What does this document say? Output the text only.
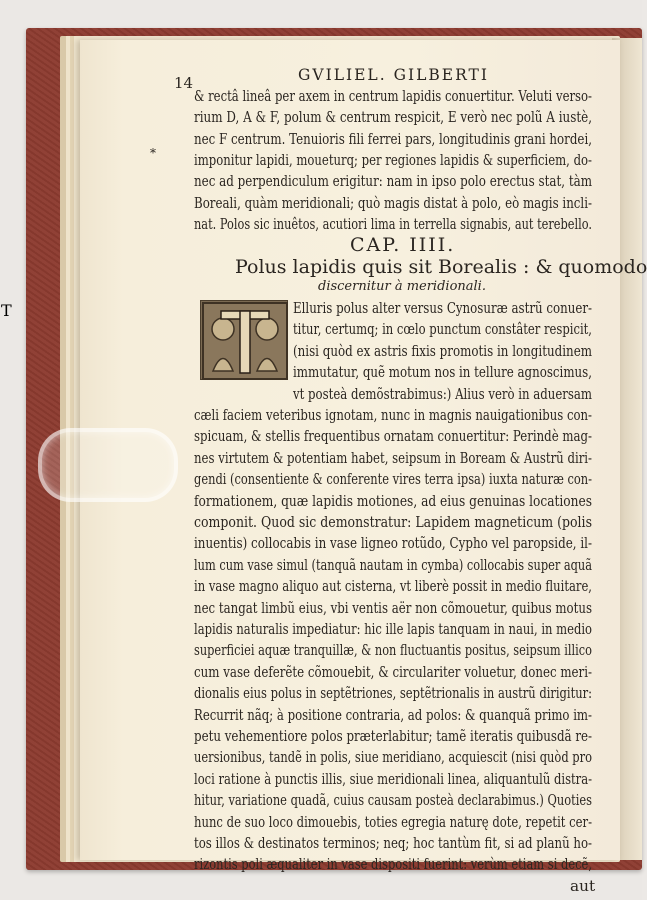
14	GVILIEL. GILBERTI
*
& rectâ lineâ per axem in centrum lapidis conuertitur. Veluti verso-
rium D, A & F, polum & centrum respicit, E verò nec polũ A iustè,
nec F centrum. Tenuioris fili ferrei pars, longitudinis grani hordei,
imponitur lapidi, moueturq; per regiones lapidis & superficiem, do-
nec ad perpendiculum erigitur: nam in ipso polo erectus stat, tàm
Boreali, quàm meridionali; quò magis distat à polo, eò magis incli-
nat. Polos sic inuêtos, acutiori lima in terrella signabis, aut terebello.
CAP. IIII.
Polus lapidis quis sit Borealis : & quomodo
discernitur à meridionali.
T	Elluris polus alter versus Cynosuræ astrũ conuer-
titur, certumq; in cœlo punctum constâter respicit,
(nisi quòd ex astris fixis promotis in longitudinem
immutatur, quẽ motum nos in tellure agnoscimus,
vt posteà demõstrabimus:) Alius verò in aduersam
cæli faciem veteribus ignotam, nunc in magnis nauigationibus con-
spicuam, & stellis frequentibus ornatam conuertitur: Perindè mag-
nes virtutem & potentiam habet, seipsum in Boream & Austrũ diri-
gendi (consentiente & conferente vires terra ipsa) iuxta naturæ con-
formationem, quæ lapidis motiones, ad eius genuinas locationes
componit. Quod sic demonstratur: Lapidem magneticum (polis
inuentis) collocabis in vase ligneo rotũdo, Cypho vel paropside, il-
lum cum vase simul (tanquã nautam in cymba) collocabis super aquã
in vase magno aliquo aut cisterna, vt liberè possit in medio fluitare,
nec tangat limbũ eius, vbi ventis aër non cõmouetur, quibus motus
lapidis naturalis impediatur: hic ille lapis tanquam in naui, in medio
superficiei aquæ tranquillæ, & non fluctuantis positus, seipsum illico
cum vase deferẽte cõmouebit, & circulariter voluetur, donec meri-
dionalis eius polus in septẽtriones, septẽtrionalis in austrũ dirigitur:
Recurrit nãq; à positione contraria, ad polos: & quanquã primo im-
petu vehementiore polos præterlabitur; tamẽ iteratis quibusdã re-
uersionibus, tandẽ in polis, siue meridiano, acquiescit (nisi quòd pro
loci ratione à punctis illis, siue meridionali linea, aliquantulũ distra-
hitur, variatione quadã, cuius causam posteà declarabimus.) Quoties
hunc de suo loco dimouebis, toties egregia naturę dote, repetit cer-
tos illos & destinatos terminos; neq; hoc tantùm fit, si ad planũ ho-
rizontis poli æqualiter in vase dispositi fuerint: verùm etiam si decẽ,
aut
